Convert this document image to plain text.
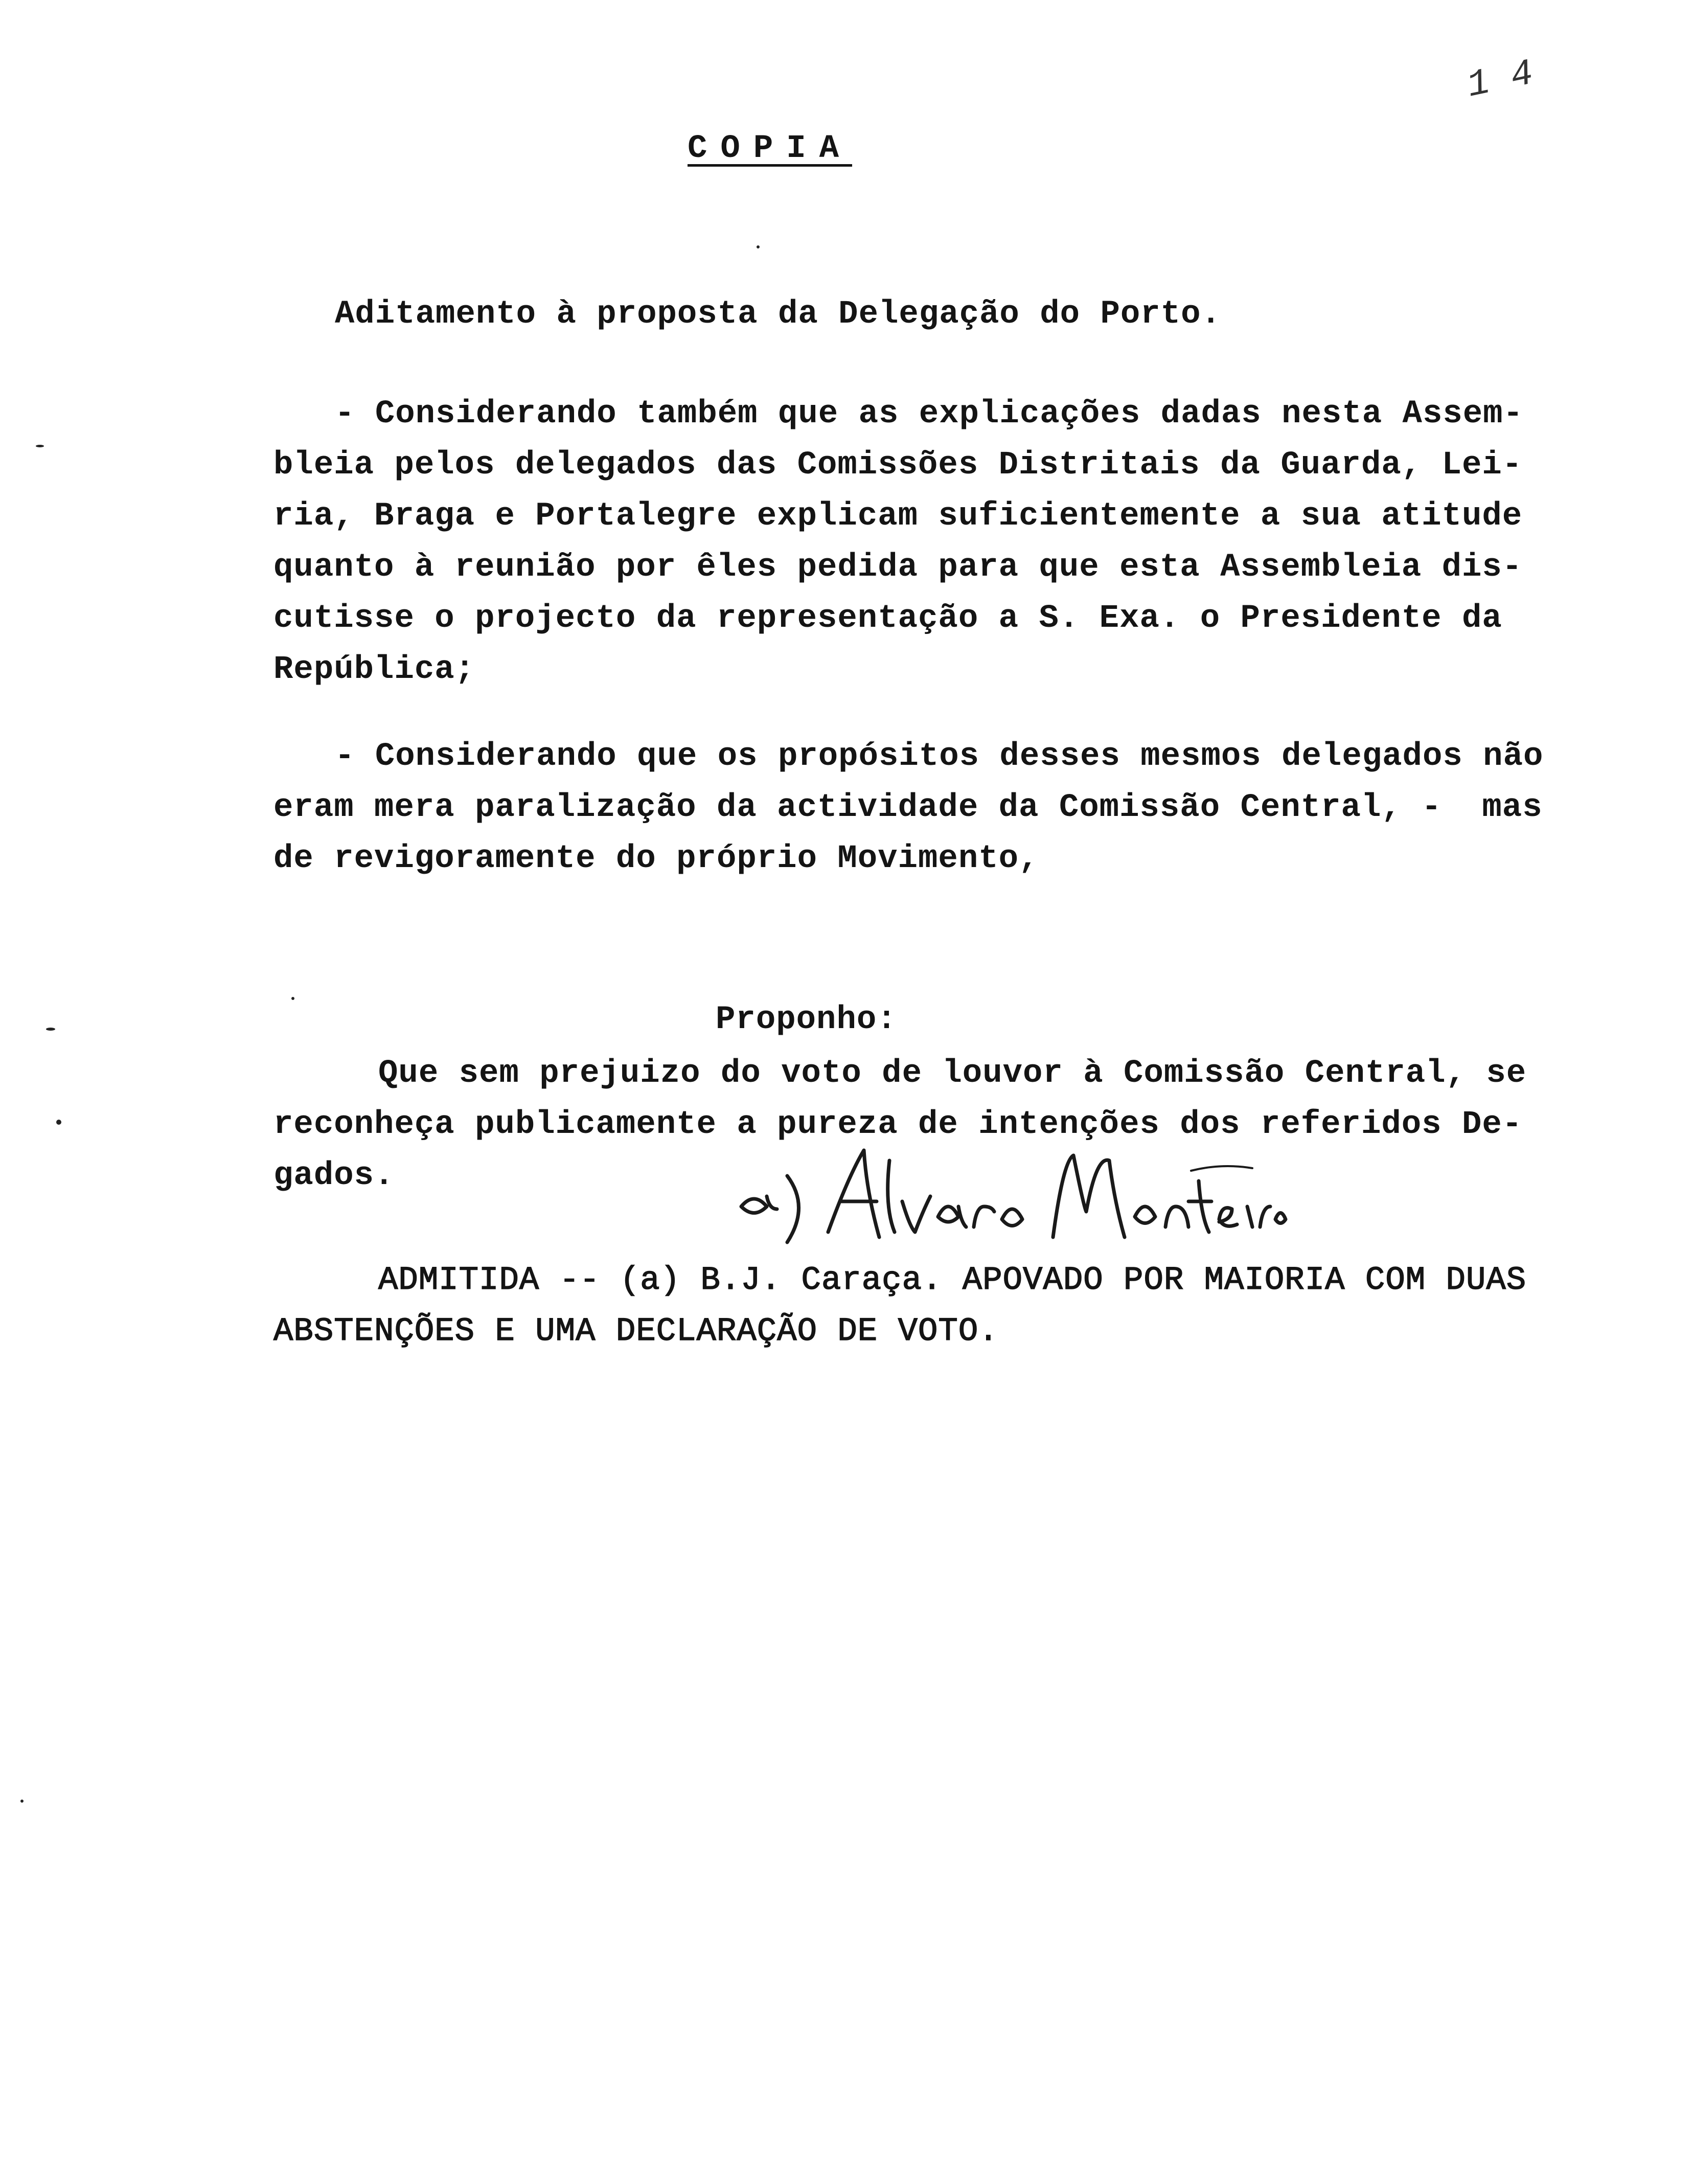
1 4
COPIA
Aditamento à proposta da Delegação do Porto.

- Considerando também que as explicações dadas nesta Assem-

bleia pelos delegados das Comissões Distritais da Guarda, Lei-

ria, Braga e Portalegre explicam suficientemente a sua atitude

quanto à reunião por êles pedida para que esta Assembleia dis-

cutisse o projecto da representação a S. Exa. o Presidente da

República;

- Considerando que os propósitos desses mesmos delegados não

eram mera paralização da actividade da Comissão Central, -  mas

de revigoramente do próprio Movimento,

Proponho:

Que sem prejuizo do voto de louvor à Comissão Central, se

reconheça publicamente a pureza de intenções dos referidos De-

gados.

ADMITIDA -- (a) B.J. Caraça. APOVADO POR MAIORIA COM DUAS

ABSTENÇÕES E UMA DECLARAÇÃO DE VOTO.
